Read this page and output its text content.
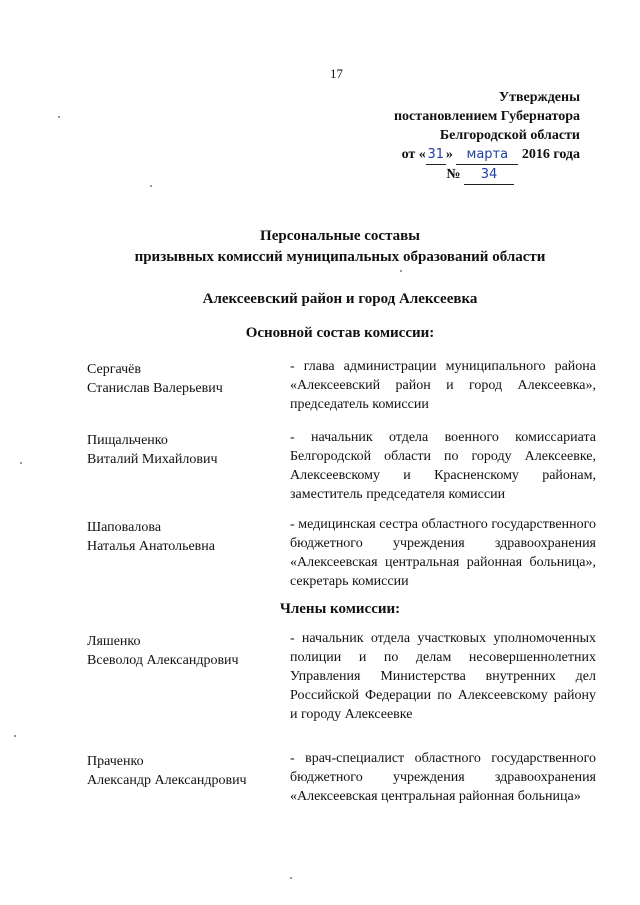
17
Утверждены
постановлением Губернатора
Белгородской области
от « 31 » марта 2016 года
№ 34
Персональные составы
призывных комиссий муниципальных образований области
Алексеевский район и город Алексеевка
Основной состав комиссии:
Сергачёв
Станислав Валерьевич
- глава администрации муниципального района «Алексеевский район и город Алексеевка», председатель комиссии
Пищальченко
Виталий Михайлович
- начальник отдела военного комиссариата Белгородской области по городу Алексеевке, Алексеевскому и Красненскому районам, заместитель председателя комиссии
Шаповалова
Наталья Анатольевна
- медицинская сестра областного государственного бюджетного учреждения здравоохранения «Алексеевская центральная районная больница», секретарь комиссии
Члены комиссии:
Ляшенко
Всеволод Александрович
- начальник отдела участковых уполномоченных полиции и по делам несовершеннолетних Управления Министерства внутренних дел Российской Федерации по Алексеевскому району и городу Алексеевке
Праченко
Александр Александрович
- врач-специалист областного государственного бюджетного учреждения здравоохранения «Алексеевская центральная районная больница»
